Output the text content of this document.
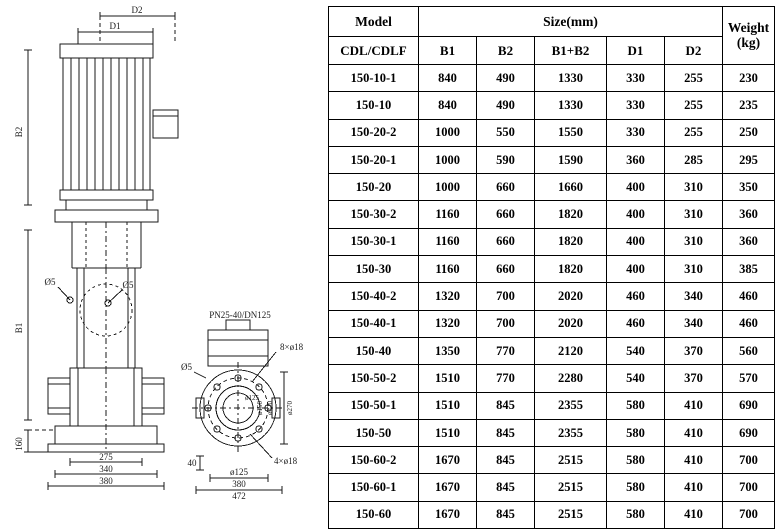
D2
D1
B2
B1
160
275
340
380
Ø5	Ø5
PN25-40/DN125
8×ø18
Ø5
4×ø18
ø125
ø150 ø220 ø270
40
ø125
380
472
Model	Size(mm)					Weight
(kg)

CDL/CDLF	B1	B2	B1+B2	D1	D2	
150-10-1	840	490	1330	330	255	230
150-10	840	490	1330	330	255	235
150-20-2	1000	550	1550	330	255	250
150-20-1	1000	590	1590	360	285	295
150-20	1000	660	1660	400	310	350
150-30-2	1160	660	1820	400	310	360
150-30-1	1160	660	1820	400	310	360
150-30	1160	660	1820	400	310	385
150-40-2	1320	700	2020	460	340	460
150-40-1	1320	700	2020	460	340	460
150-40	1350	770	2120	540	370	560
150-50-2	1510	770	2280	540	370	570
150-50-1	1510	845	2355	580	410	690
150-50	1510	845	2355	580	410	690
150-60-2	1670	845	2515	580	410	700
150-60-1	1670	845	2515	580	410	700
150-60	1670	845	2515	580	410	700
